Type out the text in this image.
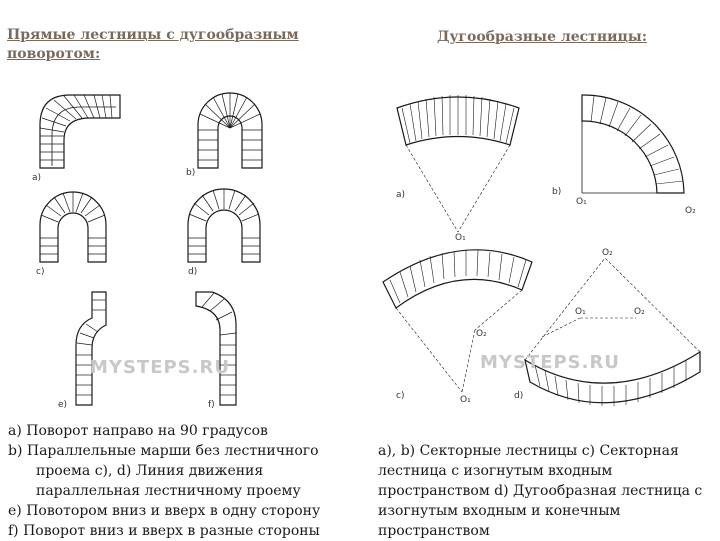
Прямые лестницы с дугообразным поворотом:
Дугообразные лестницы:
MYSTEPS.RU	MYSTEPS.RU
a)	b)
c)	d)
e)	f)
a)	b)
c)	d)
O₁
O₁
O₂
O₁
O₂
O₁	O₂
O₂
a) Поворот направо на 90 градусов
b) Параллельные марши без лестничного
проема c), d) Линия движения
параллельная лестничному проему
e) Повотором вниз и вверх в одну сторону
f) Поворот вниз и вверх в разные стороны
a), b) Секторные лестницы c) Секторная лестница с изогнутым входным пространством d) Дугообразная лестница с изогнутым входным и конечным пространством
